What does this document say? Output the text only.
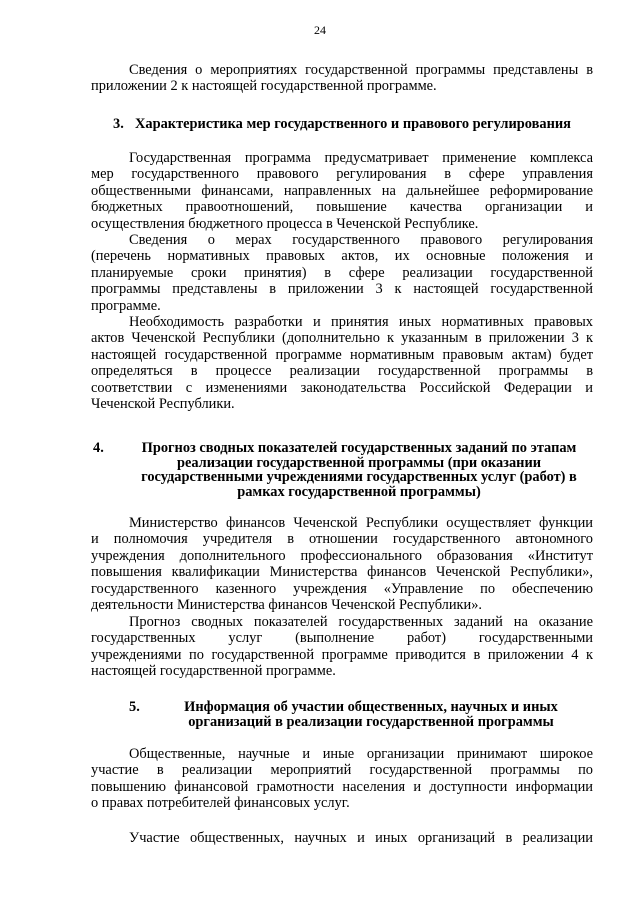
24

Сведения о мероприятиях государственной программы представлены в
приложении 2 к настоящей государственной программе.

3. Характеристика мер государственного и правового регулирования

Государственная программа предусматривает применение комплекса
мер государственного правового регулирования в сфере управления
общественными финансами, направленных на дальнейшее реформирование
бюджетных правоотношений, повышение качества организации и
осуществления бюджетного процесса в Чеченской Республике.

Сведения о мерах государственного правового регулирования
(перечень нормативных правовых актов, их основные положения и
планируемые сроки принятия) в сфере реализации государственной
программы представлены в приложении 3 к настоящей государственной
программе.

Необходимость разработки и принятия иных нормативных правовых
актов Чеченской Республики (дополнительно к указанным в приложении 3 к
настоящей государственной программе нормативным правовым актам) будет
определяться в процессе реализации государственной программы в
соответствии с изменениями законодательства Российской Федерации и
Чеченской Республики.

4.	Прогноз сводных показателей государственных заданий по этапам
реализации государственной программы (при оказании
государственными учреждениями государственных услуг (работ) в
рамках государственной программы)

Министерство финансов Чеченской Республики осуществляет функции
и полномочия учредителя в отношении государственного автономного
учреждения дополнительного профессионального образования «Институт
повышения квалификации Министерства финансов Чеченской Республики»,
государственного казенного учреждения «Управление по обеспечению
деятельности Министерства финансов Чеченской Республики».

Прогноз сводных показателей государственных заданий на оказание
государственных услуг (выполнение работ) государственными
учреждениями по государственной программе приводится в приложении 4 к
настоящей государственной программе.

5.	Информация об участии общественных, научных и иных
организаций в реализации государственной программы

Общественные, научные и иные организации принимают широкое
участие в реализации мероприятий государственной программы по
повышению финансовой грамотности населения и доступности информации
о правах потребителей финансовых услуг.

Участие общественных, научных и иных организаций в реализации
